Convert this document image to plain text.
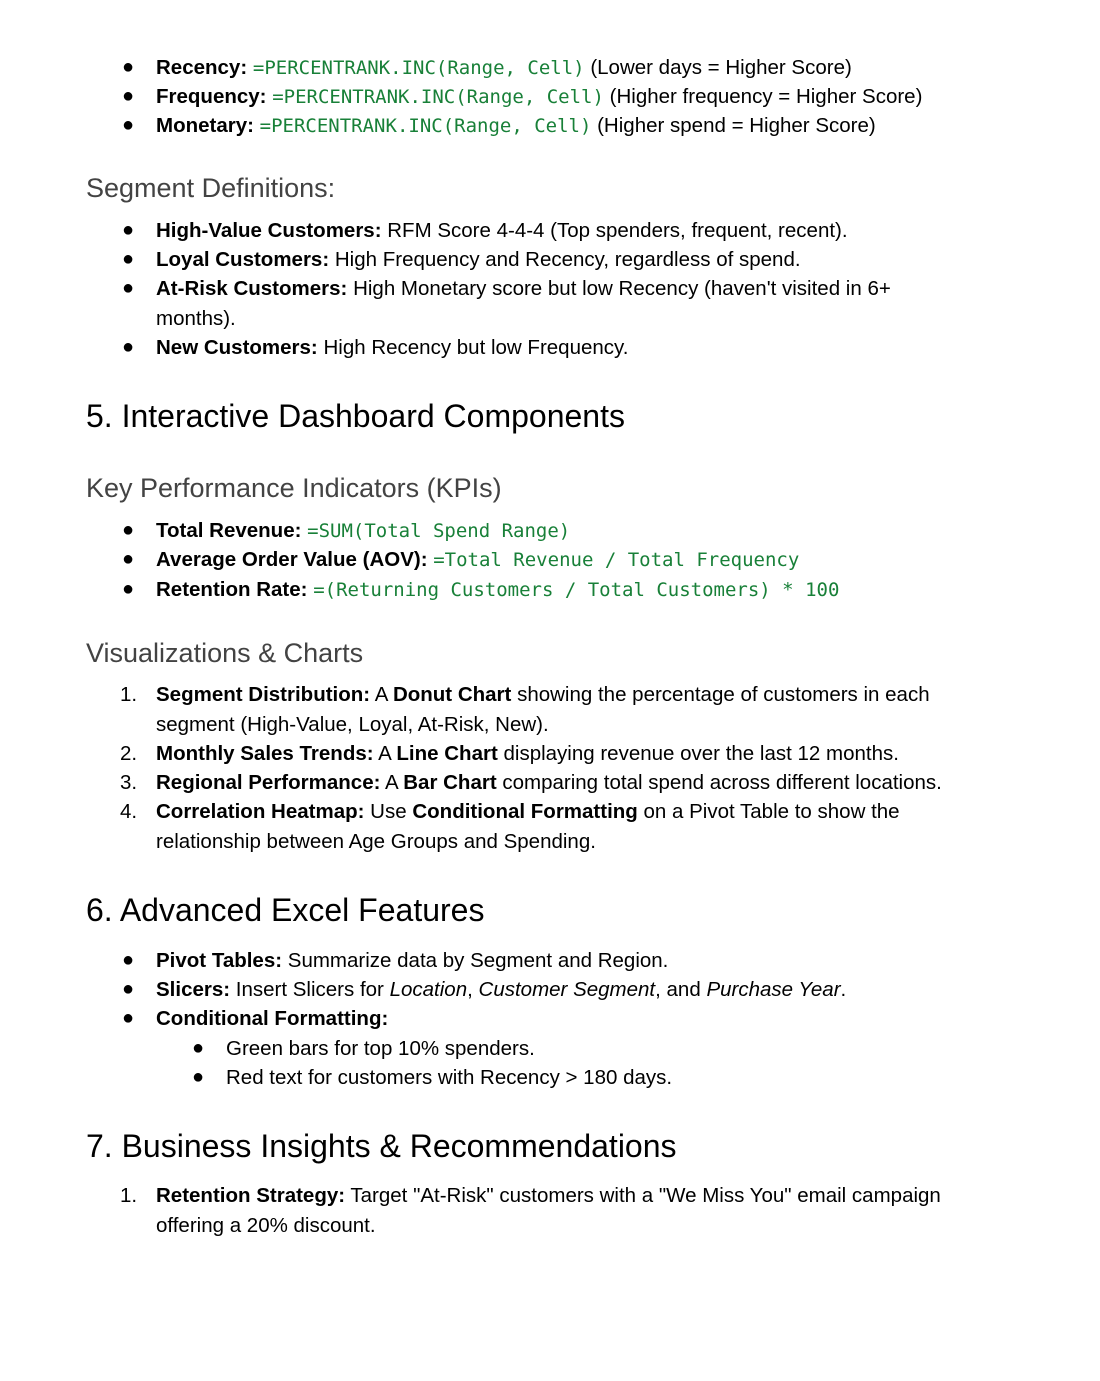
● Recency: =PERCENTRANK.INC(Range, Cell) (Lower days = Higher Score)
● Frequency: =PERCENTRANK.INC(Range, Cell) (Higher frequency = Higher Score)
● Monetary: =PERCENTRANK.INC(Range, Cell) (Higher spend = Higher Score)
Segment Definitions:
● High-Value Customers: RFM Score 4-4-4 (Top spenders, frequent, recent).
● Loyal Customers: High Frequency and Recency, regardless of spend.
● At-Risk Customers: High Monetary score but low Recency (haven't visited in 6+ months).
● New Customers: High Recency but low Frequency.
5. Interactive Dashboard Components
Key Performance Indicators (KPIs)
● Total Revenue: =SUM(Total Spend Range)
● Average Order Value (AOV): =Total Revenue / Total Frequency
● Retention Rate: =(Returning Customers / Total Customers) * 100
Visualizations & Charts
1. Segment Distribution: A Donut Chart showing the percentage of customers in each segment (High-Value, Loyal, At-Risk, New).
2. Monthly Sales Trends: A Line Chart displaying revenue over the last 12 months.
3. Regional Performance: A Bar Chart comparing total spend across different locations.
4. Correlation Heatmap: Use Conditional Formatting on a Pivot Table to show the relationship between Age Groups and Spending.
6. Advanced Excel Features
● Pivot Tables: Summarize data by Segment and Region.
● Slicers: Insert Slicers for Location, Customer Segment, and Purchase Year.
● Conditional Formatting:
● Green bars for top 10% spenders.
● Red text for customers with Recency > 180 days.
7. Business Insights & Recommendations
1. Retention Strategy: Target "At-Risk" customers with a "We Miss You" email campaign offering a 20% discount.
